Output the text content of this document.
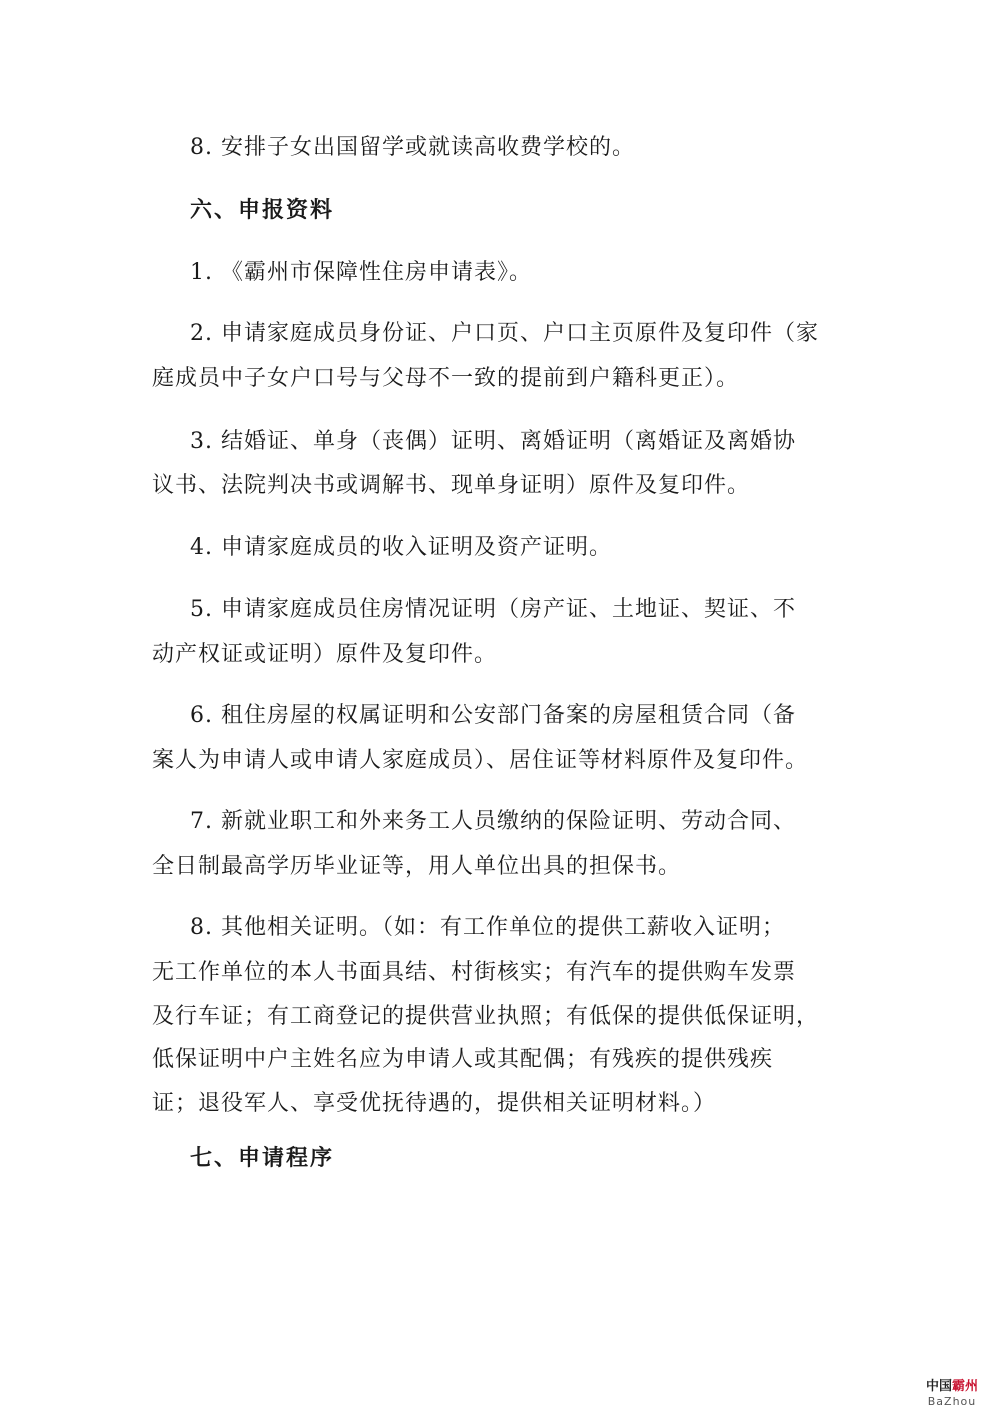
8. 安排子女出国留学或就读高收费学校的。
六、申报资料
1. 《霸州市保障性住房申请表》。
2. 申请家庭成员身份证、户口页、户口主页原件及复印件（家
庭成员中子女户口号与父母不一致的提前到户籍科更正）。
3. 结婚证、单身（丧偶）证明、离婚证明（离婚证及离婚协
议书、法院判决书或调解书、现单身证明）原件及复印件。
4. 申请家庭成员的收入证明及资产证明。
5. 申请家庭成员住房情况证明（房产证、土地证、契证、不
动产权证或证明）原件及复印件。
6. 租住房屋的权属证明和公安部门备案的房屋租赁合同（备
案人为申请人或申请人家庭成员）、居住证等材料原件及复印件。
7. 新就业职工和外来务工人员缴纳的保险证明、劳动合同、
全日制最高学历毕业证等，用人单位出具的担保书。
8. 其他相关证明。（如：有工作单位的提供工薪收入证明；
无工作单位的本人书面具结、村街核实；有汽车的提供购车发票
及行车证；有工商登记的提供营业执照；有低保的提供低保证明，
低保证明中户主姓名应为申请人或其配偶；有残疾的提供残疾
证；退役军人、享受优抚待遇的，提供相关证明材料。）
七、申请程序
中国霸州
BaZhou
